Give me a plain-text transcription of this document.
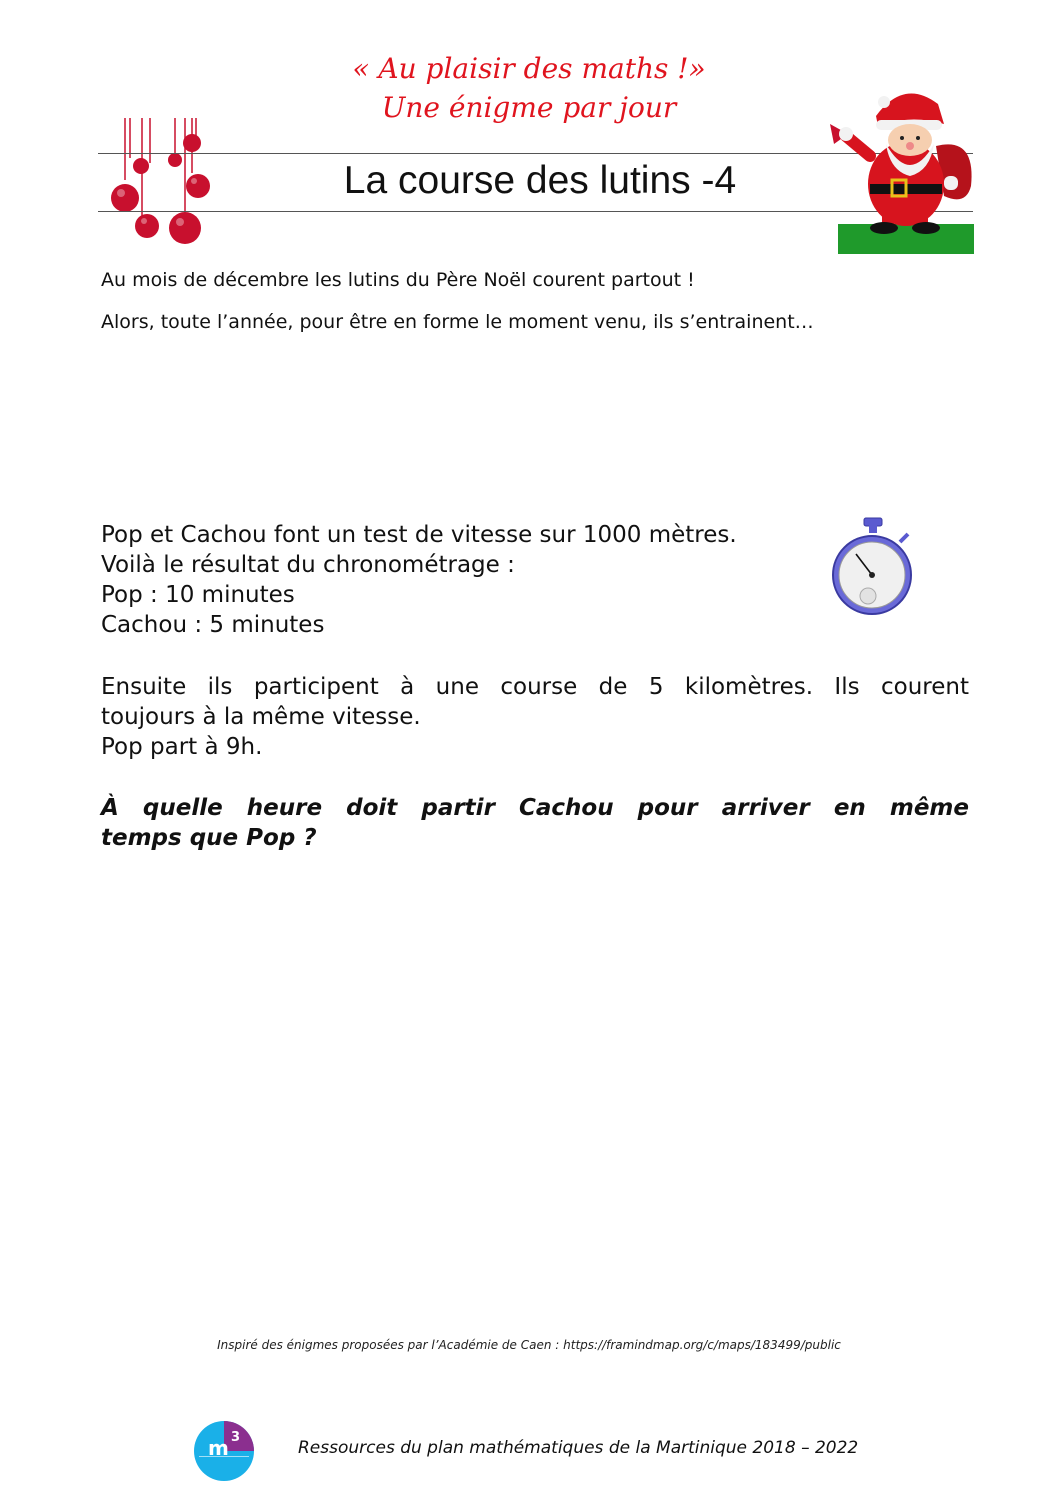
« Au plaisir des maths !»
Une énigme par jour
La course des lutins -4
Au mois de décembre les lutins du Père Noël courent partout !
Alors, toute l’année, pour être en forme le moment venu, ils s’entrainent…
Pop et Cachou font un test de vitesse sur 1000 mètres.
Voilà le résultat du chronométrage :
Pop : 10 minutes
Cachou : 5 minutes
Ensuite ils participent à une course de 5 kilomètres. Ils courent
toujours à la même vitesse.
Pop part à 9h.
À quelle heure doit partir Cachou pour arriver en même
temps que Pop ?
Inspiré des énigmes proposées par l’Académie de Caen : https://framindmap.org/c/maps/183499/public
m 3
Ressources du plan mathématiques de la Martinique 2018 – 2022
